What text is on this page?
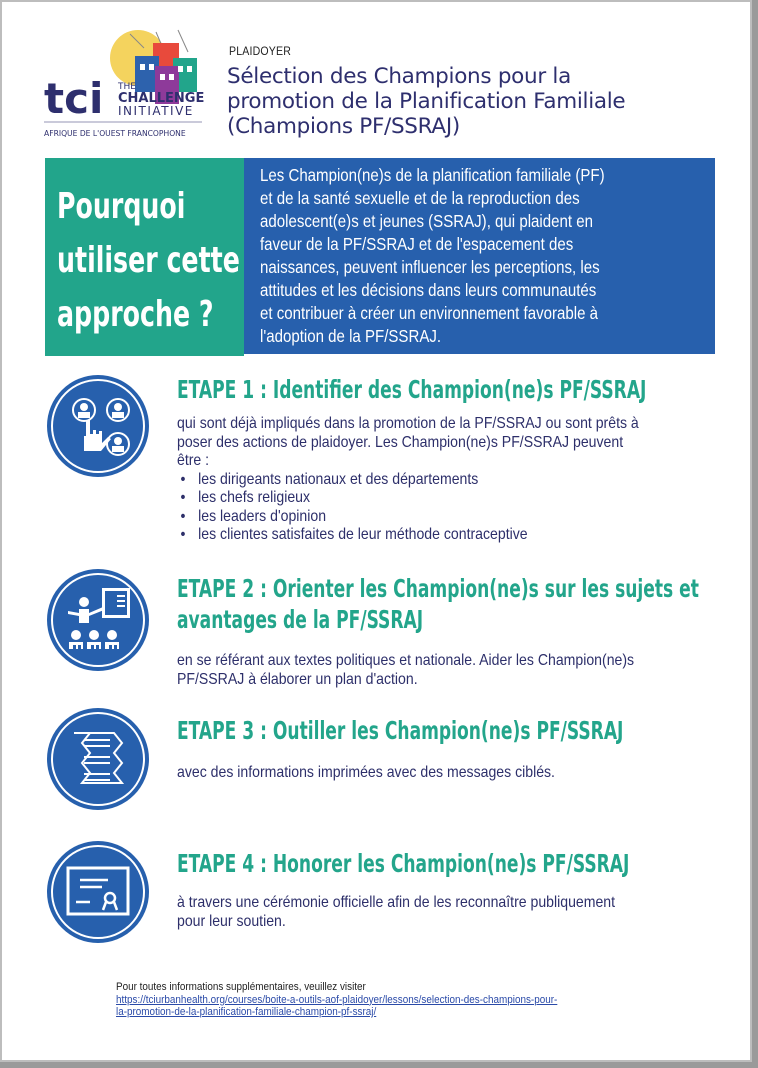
tci THE
CHALLENGE
INITIATIVE
AFRIQUE DE L'OUEST FRANCOPHONE
PLAIDOYER
Sélection des Champions pour la
promotion de la Planification Familiale
(Champions PF/SSRAJ)
Pourquoi
utiliser cette
approche ?

Les Champion(ne)s de la planification familiale (PF)
et de la santé sexuelle et de la reproduction des
adolescent(e)s et jeunes (SSRAJ), qui plaident en
faveur de la PF/SSRAJ et de l'espacement des
naissances, peuvent influencer les perceptions, les
attitudes et les décisions dans leurs communautés
et contribuer à créer un environnement favorable à
l'adoption de la PF/SSRAJ.

ETAPE 1 : Identifier des Champion(ne)s PF/SSRAJ
qui sont déjà impliqués dans la promotion de la PF/SSRAJ ou sont prêts à
poser des actions de plaidoyer. Les Champion(ne)s PF/SSRAJ peuvent
être :
• les dirigeants nationaux et des départements
• les chefs religieux
• les leaders d'opinion
• les clientes satisfaites de leur méthode contraceptive
ETAPE 2 : Orienter les Champion(ne)s sur les sujets et
avantages de la PF/SSRAJ
en se référant aux textes politiques et nationale. Aider les Champion(ne)s
PF/SSRAJ à élaborer un plan d'action.
ETAPE 3 : Outiller les Champion(ne)s PF/SSRAJ
avec des informations imprimées avec des messages ciblés.
ETAPE 4 : Honorer les Champion(ne)s PF/SSRAJ
à travers une cérémonie officielle afin de les reconnaître publiquement
pour leur soutien.
Pour toutes informations supplémentaires, veuillez visiter
https://tciurbanhealth.org/courses/boite-a-outils-aof-plaidoyer/lessons/selection-des-champions-pour-
la-promotion-de-la-planification-familiale-champion-pf-ssraj/
